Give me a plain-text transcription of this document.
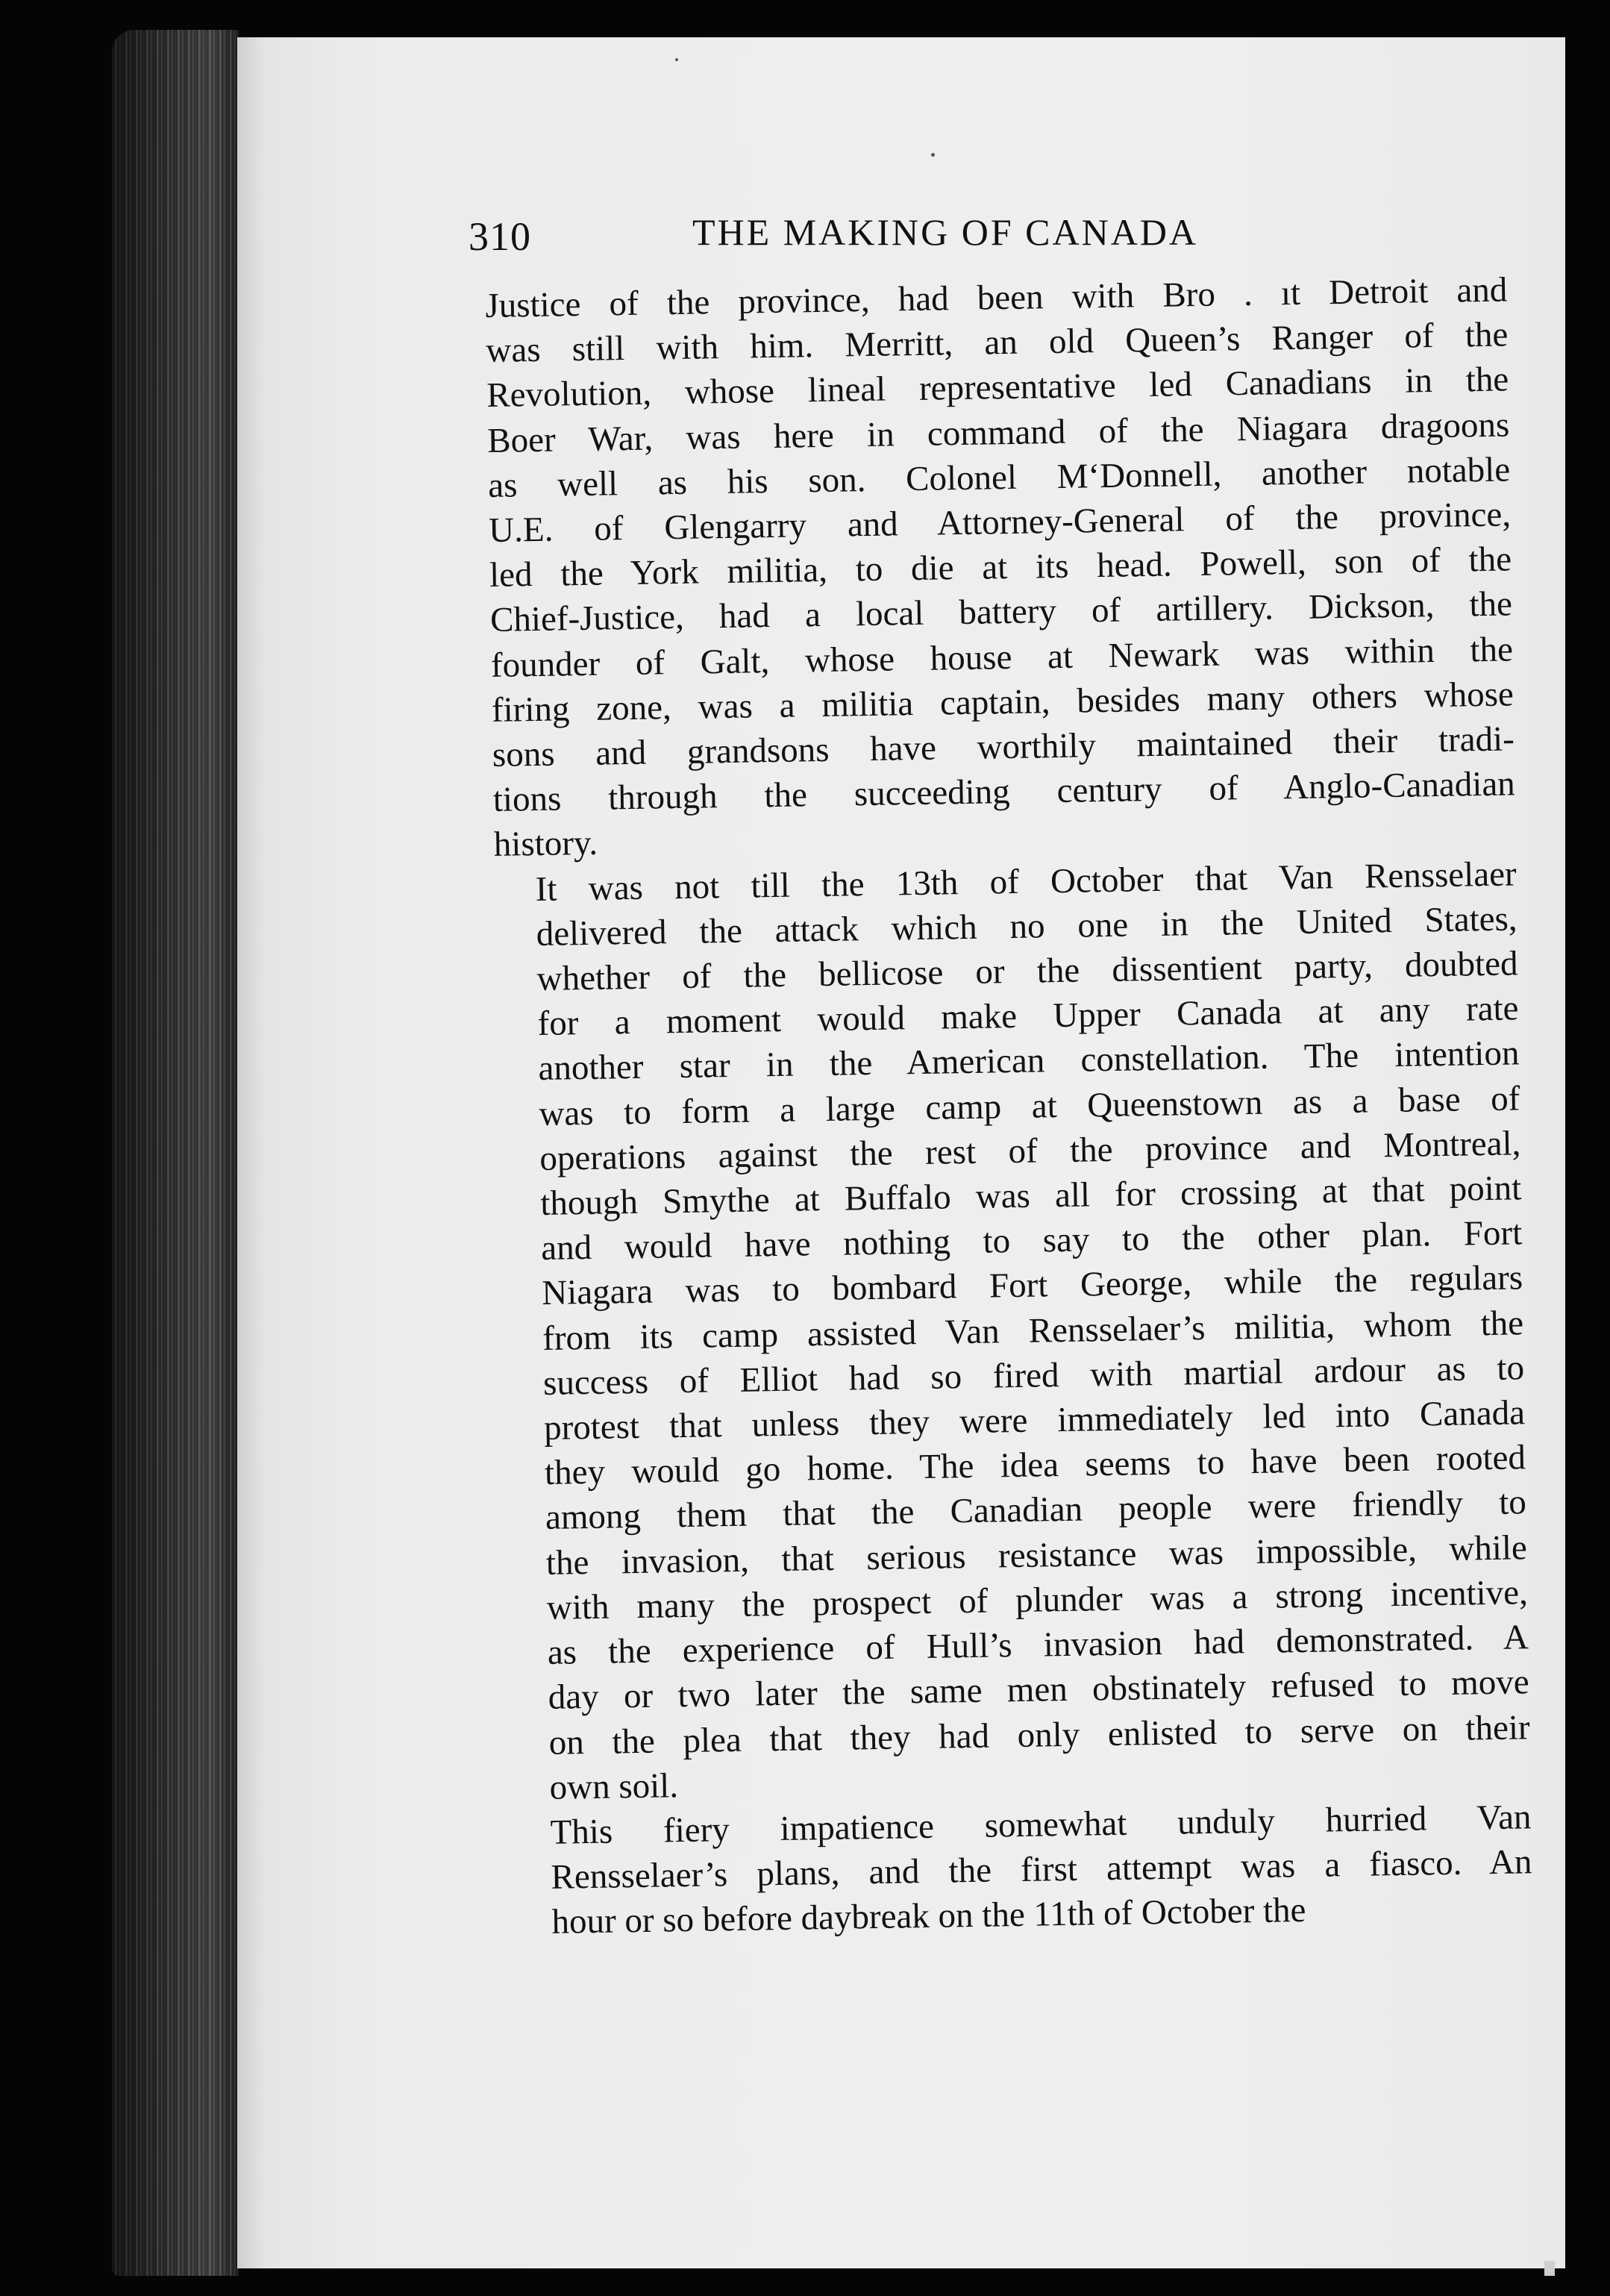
310	THE MAKING OF CANADA

Justice of the province, had been with Bro . ıt Detroit and
was still with him. Merritt, an old Queen’s Ranger of the
Revolution, whose lineal representative led Canadians in the
Boer War, was here in command of the Niagara dragoons
as well as his son. Colonel M‘Donnell, another notable
U.E. of Glengarry and Attorney-General of the province,
led the York militia, to die at its head. Powell, son of the
Chief-Justice, had a local battery of artillery. Dickson, the
founder of Galt, whose house at Newark was within the
firing zone, was a militia captain, besides many others whose
sons and grandsons have worthily maintained their tradi-
tions through the succeeding century of Anglo-Canadian
history.

It was not till the 13th of October that Van Rensselaer
delivered the attack which no one in the United States,
whether of the bellicose or the dissentient party, doubted
for a moment would make Upper Canada at any rate
another star in the American constellation. The intention
was to form a large camp at Queenstown as a base of
operations against the rest of the province and Montreal,
though Smythe at Buffalo was all for crossing at that point
and would have nothing to say to the other plan. Fort
Niagara was to bombard Fort George, while the regulars
from its camp assisted Van Rensselaer’s militia, whom the
success of Elliot had so fired with martial ardour as to
protest that unless they were immediately led into Canada
they would go home. The idea seems to have been rooted
among them that the Canadian people were friendly to
the invasion, that serious resistance was impossible, while
with many the prospect of plunder was a strong incentive,
as the experience of Hull’s invasion had demonstrated. A
day or two later the same men obstinately refused to move
on the plea that they had only enlisted to serve on their
own soil.

This fiery impatience somewhat unduly hurried Van
Rensselaer’s plans, and the first attempt was a fiasco. An
hour or so before daybreak on the 11th of October the
